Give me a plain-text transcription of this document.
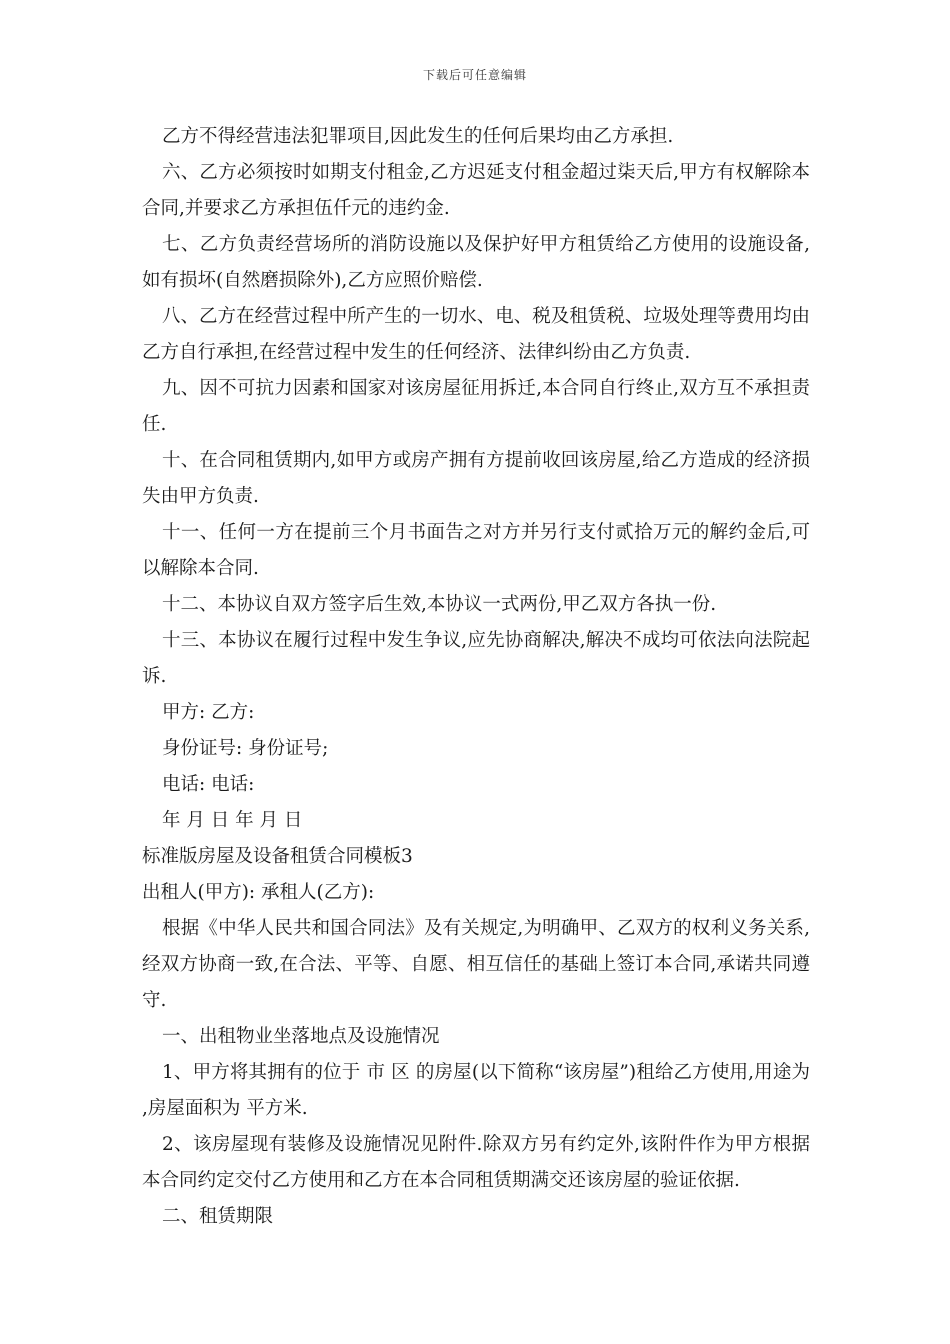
下载后可任意编辑

乙方不得经营违法犯罪项目,因此发生的任何后果均由乙方承担.

六、乙方必须按时如期支付租金,乙方迟延支付租金超过柒天后,甲方有权解除本合同,并要求乙方承担伍仟元的违约金.

七、乙方负责经营场所的消防设施以及保护好甲方租赁给乙方使用的设施设备,如有损坏(自然磨损除外),乙方应照价赔偿.

八、乙方在经营过程中所产生的一切水、电、税及租赁税、垃圾处理等费用均由乙方自行承担,在经营过程中发生的任何经济、法律纠纷由乙方负责.

九、因不可抗力因素和国家对该房屋征用拆迁,本合同自行终止,双方互不承担责任.

十、在合同租赁期内,如甲方或房产拥有方提前收回该房屋,给乙方造成的经济损失由甲方负责.

十一、任何一方在提前三个月书面告之对方并另行支付贰拾万元的解约金后,可以解除本合同.

十二、本协议自双方签字后生效,本协议一式两份,甲乙双方各执一份.

十三、本协议在履行过程中发生争议,应先协商解决,解决不成均可依法向法院起诉.

甲方: 乙方:

身份证号: 身份证号;

电话: 电话:

年 月 日 年 月 日

标准版房屋及设备租赁合同模板3

出租人(甲方): 承租人(乙方):

根据《中华人民共和国合同法》及有关规定,为明确甲、乙双方的权利义务关系,经双方协商一致,在合法、平等、自愿、相互信任的基础上签订本合同,承诺共同遵守.

一、出租物业坐落地点及设施情况

1、甲方将其拥有的位于 市 区 的房屋(以下简称“该房屋”)租给乙方使用,用途为 ,房屋面积为 平方米.

2、该房屋现有装修及设施情况见附件.除双方另有约定外,该附件作为甲方根据本合同约定交付乙方使用和乙方在本合同租赁期满交还该房屋的验证依据.

二、租赁期限
